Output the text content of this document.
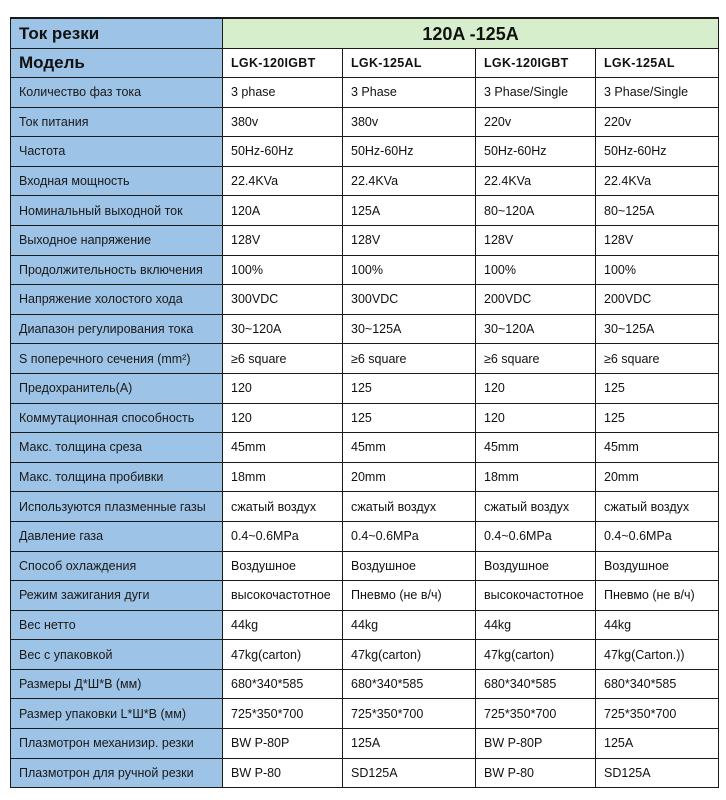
Ток резки	120A -125A			
Модель	LGK-120IGBT	LGK-125AL	LGK-120IGBT	LGK-125AL
Количество фаз тока	3 phase	3 Phase	3 Phase/Single	3 Phase/Single
Ток питания	380v	380v	220v	220v
Частота	50Hz-60Hz	50Hz-60Hz	50Hz-60Hz	50Hz-60Hz
Входная мощность	22.4KVa	22.4KVa	22.4KVa	22.4KVa
Номинальный выходной ток	120A	125A	80~120A	80~125A
Выходное напряжение	128V	128V	128V	128V
Продолжительность включения	100%	100%	100%	100%
Напряжение холостого хода	300VDC	300VDC	200VDC	200VDC
Диапазон регулирования тока	30~120A	30~125A	30~120A	30~125A
S поперечного сечения (mm²)	≥6 square	≥6 square	≥6 square	≥6 square
Предохранитель(A)	120	125	120	125
Коммутационная способность	120	125	120	125
Макс. толщина среза	45mm	45mm	45mm	45mm
Макс. толщина пробивки	18mm	20mm	18mm	20mm
Используются плазменные газы	сжатый воздух	сжатый воздух	сжатый воздух	сжатый воздух
Давление газа	0.4~0.6MPa	0.4~0.6MPa	0.4~0.6MPa	0.4~0.6MPa
Способ охлаждения	Воздушное	Воздушное	Воздушное	Воздушное
Режим зажигания дуги	высокочастотное	Пневмо (не в/ч)	высокочастотное	Пневмо (не в/ч)
Вес нетто	44kg	44kg	44kg	44kg
Вес с упаковкой	47kg(carton)	47kg(carton)	47kg(carton)	47kg(Carton.))
Размеры Д*Ш*В (мм)	680*340*585	680*340*585	680*340*585	680*340*585
Размер упаковки L*Ш*В (мм)	725*350*700	725*350*700	725*350*700	725*350*700
Плазмотрон механизир. резки	BW P-80P	125A	BW P-80P	125A
Плазмотрон для ручной резки	BW P-80	SD125A	BW P-80	SD125A
